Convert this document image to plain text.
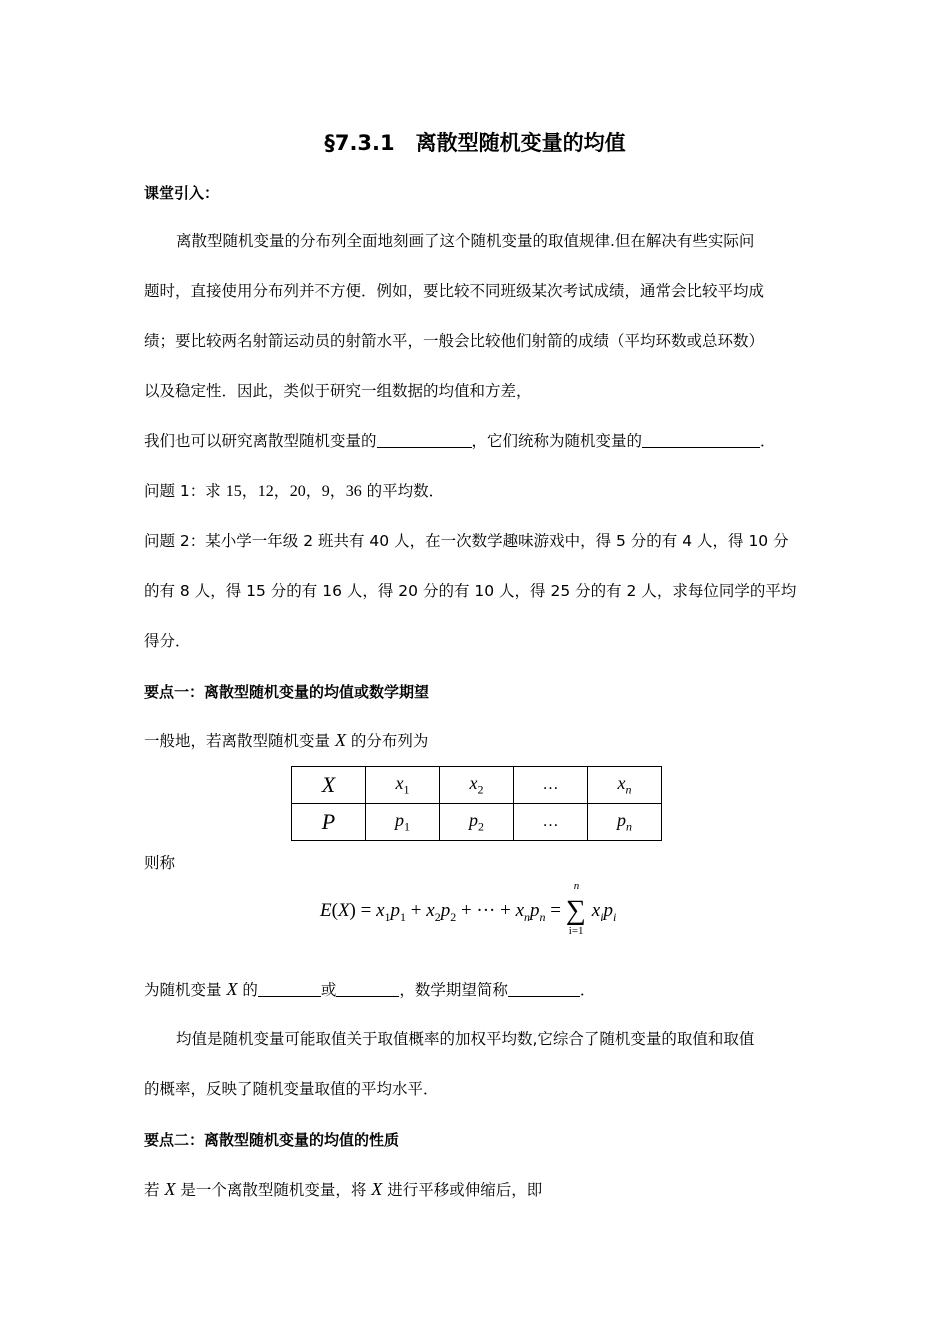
§7.3.1　离散型随机变量的均值
课堂引入：
离散型随机变量的分布列全面地刻画了这个随机变量的取值规律.但在解决有些实际问
题时，直接使用分布列并不方便．例如，要比较不同班级某次考试成绩，通常会比较平均成
绩；要比较两名射箭运动员的射箭水平，一般会比较他们射箭的成绩（平均环数或总环数）
以及稳定性．因此，类似于研究一组数据的均值和方差，
我们也可以研究离散型随机变量的	，它们统称为随机变量的	．
问题 1：求 15，12，20，9，36 的平均数．
问题 2：某小学一年级 2 班共有 40 人，在一次数学趣味游戏中，得 5 分的有 4 人，得 10 分
的有 8 人，得 15 分的有 16 人，得 20 分的有 10 人，得 25 分的有 2 人，求每位同学的平均
得分．
要点一：离散型随机变量的均值或数学期望
一般地，若离散型随机变量 X 的分布列为
X	$x_1$	$x_2$	…	$x_n$
P	$p_1$	$p_2$	…	$p_n$
则称
$E(X) = x_1p_1 + x_2p_2$ + ··· + $x_np_n$ =
n
∑
i=1
$x_ip_i$
为随机变量 X 的	或	，数学期望简称	．
均值是随机变量可能取值关于取值概率的加权平均数,它综合了随机变量的取值和取值
的概率，反映了随机变量取值的平均水平．
要点二：离散型随机变量的均值的性质
若 X 是一个离散型随机变量，将 X 进行平移或伸缩后，即
